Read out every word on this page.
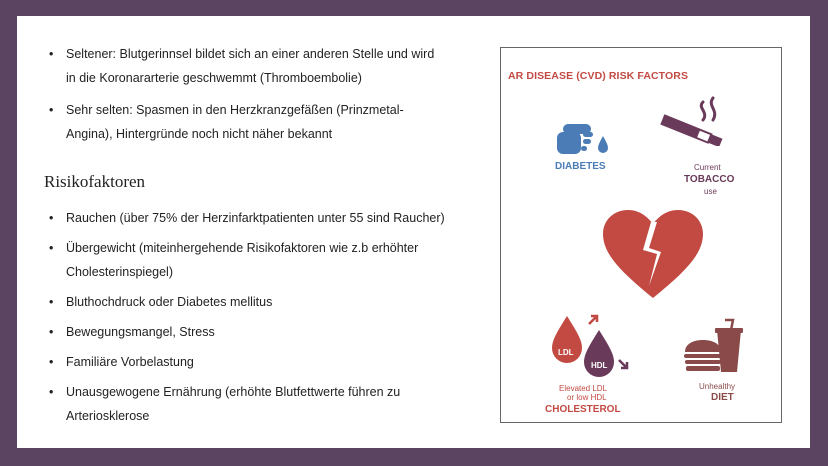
• Seltener: Blutgerinnsel bildet sich an einer anderen Stelle und wird in die Koronararterie geschwemmt (Thromboembolie)
• Sehr selten: Spasmen in den Herzkranzgefäßen (Prinzmetal-Angina), Hintergründe noch nicht näher bekannt
Risikofaktoren
• Rauchen (über 75% der Herzinfarktpatienten unter 55 sind Raucher)
• Übergewicht (miteinhergehende Risikofaktoren wie z.b erhöhter Cholesterinspiegel)
• Bluthochdruck oder Diabetes mellitus
• Bewegungsmangel, Stress
• Familiäre Vorbelastung
• Unausgewogene Ernährung (erhöhte Blutfettwerte führen zu Arteriosklerose
AR DISEASE (CVD) RISK FACTORS
DIABETES	Current
TOBACCO
use
LDL
HDL
Elevated LDL
or low HDL
CHOLESTEROL
Unhealthy
DIET
